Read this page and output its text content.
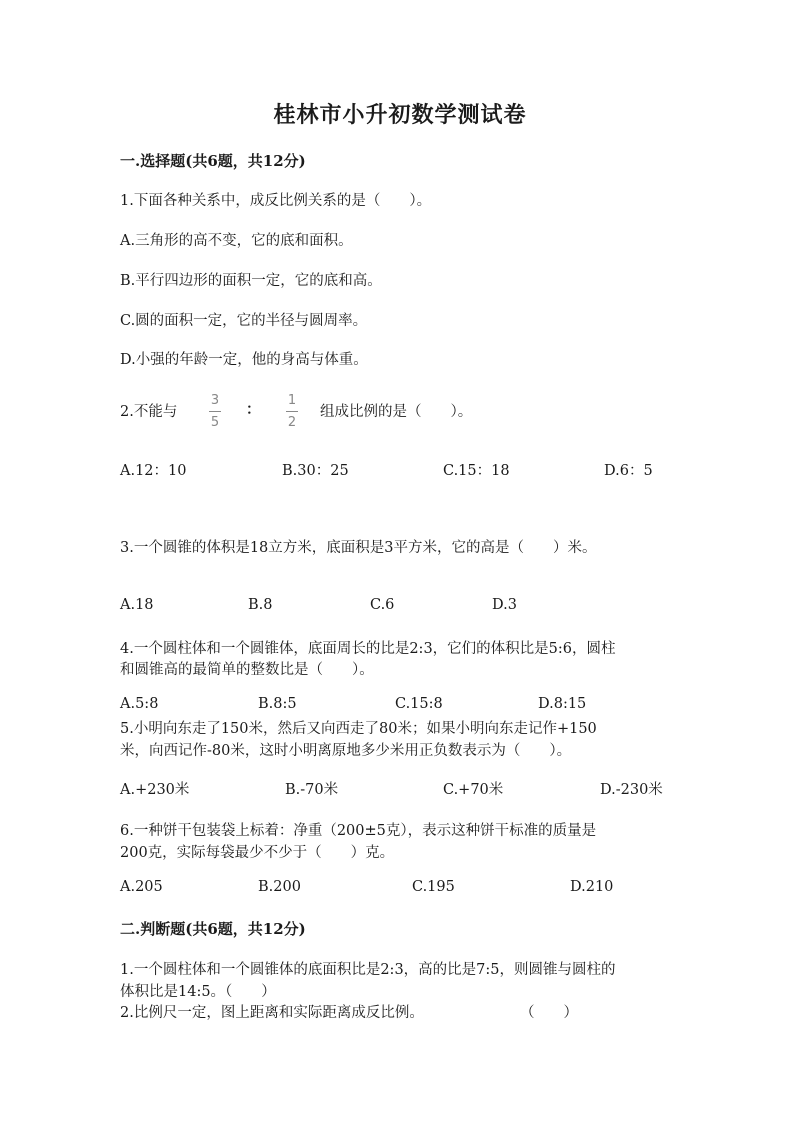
桂林市小升初数学测试卷
一.选择题(共6题，共12分)
1.下面各种关系中，成反比例关系的是（　　）。
A.三角形的高不变，它的底和面积。
B.平行四边形的面积一定，它的底和高。
C.圆的面积一定，它的半径与圆周率。
D.小强的年龄一定，他的身高与体重。
2.不能与
3
5
：
1
2
组成比例的是（　　）。
A.12：10	B.30：25	C.15：18	D.6：5
3.一个圆锥的体积是18立方米，底面积是3平方米，它的高是（　　）米。
A.18	B.8	C.6	D.3
4.一个圆柱体和一个圆锥体，底面周长的比是2:3，它们的体积比是5:6，圆柱
和圆锥高的最简单的整数比是（　　）。
A.5:8	B.8:5	C.15:8	D.8:15
5.小明向东走了150米，然后又向西走了80米；如果小明向东走记作+150
米，向西记作-80米，这时小明离原地多少米用正负数表示为（　　）。
A.+230米	B.-70米	C.+70米	D.-230米
6.一种饼干包装袋上标着：净重（200±5克），表示这种饼干标准的质量是
200克，实际每袋最少不少于（　　）克。
A.205	B.200	C.195	D.210
二.判断题(共6题，共12分)
1.一个圆柱体和一个圆锥体的底面积比是2:3，高的比是7:5，则圆锥与圆柱的
体积比是14:5。（　　）
2.比例尺一定，图上距离和实际距离成反比例。	（　　）
